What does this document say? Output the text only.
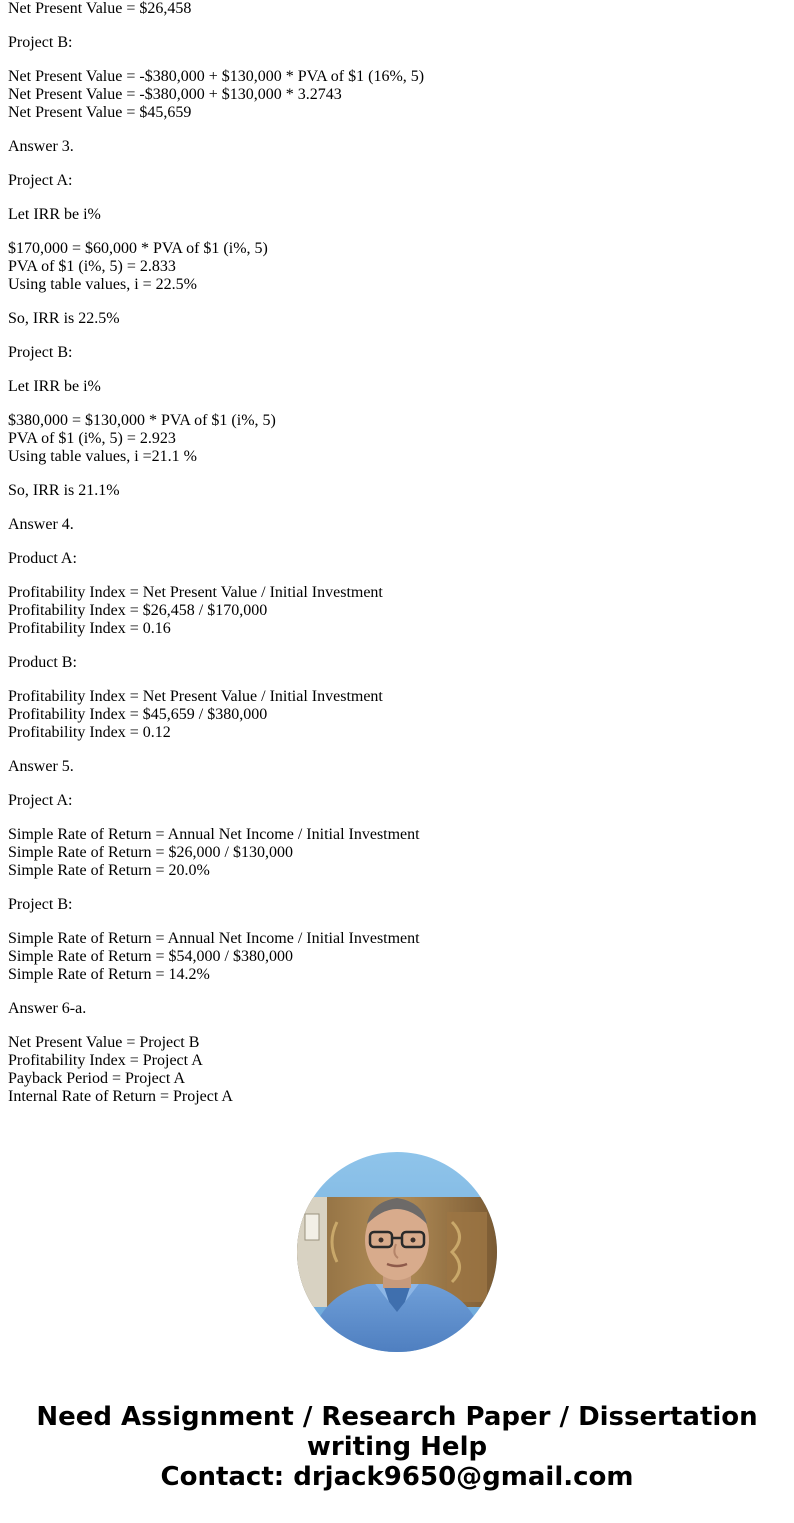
Net Present Value = $26,458
Project B:
Net Present Value = -$380,000 + $130,000 * PVA of $1 (16%, 5)
Net Present Value = -$380,000 + $130,000 * 3.2743
Net Present Value = $45,659
Answer 3.
Project A:
Let IRR be i%
$170,000 = $60,000 * PVA of $1 (i%, 5)
PVA of $1 (i%, 5) = 2.833
Using table values, i = 22.5%
So, IRR is 22.5%
Project B:
Let IRR be i%
$380,000 = $130,000 * PVA of $1 (i%, 5)
PVA of $1 (i%, 5) = 2.923
Using table values, i =21.1 %
So, IRR is 21.1%
Answer 4.
Product A:
Profitability Index = Net Present Value / Initial Investment
Profitability Index = $26,458 / $170,000
Profitability Index = 0.16
Product B:
Profitability Index = Net Present Value / Initial Investment
Profitability Index = $45,659 / $380,000
Profitability Index = 0.12
Answer 5.
Project A:
Simple Rate of Return = Annual Net Income / Initial Investment
Simple Rate of Return = $26,000 / $130,000
Simple Rate of Return = 20.0%
Project B:
Simple Rate of Return = Annual Net Income / Initial Investment
Simple Rate of Return = $54,000 / $380,000
Simple Rate of Return = 14.2%
Answer 6-a.
Net Present Value = Project B
Profitability Index = Project A
Payback Period = Project A
Internal Rate of Return = Project A
Need Assignment / Research Paper / Dissertation
writing Help
Contact: drjack9650@gmail.com
